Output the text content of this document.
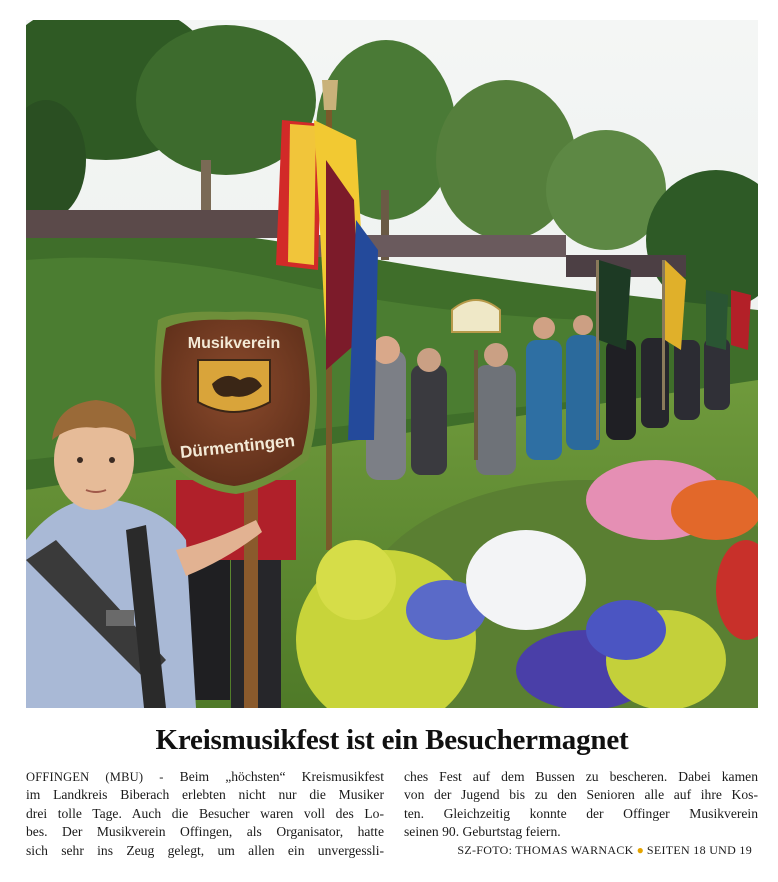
Musikverein
Dürmentingen
Kreismusikfest ist ein Besuchermagnet
OFFINGEN (MBU) - Beim „höchsten“ Kreismusikfest
im Landkreis Biberach erlebten nicht nur die Musiker
drei tolle Tage. Auch die Besucher waren voll des Lo-
bes. Der Musikverein Offingen, als Organisator, hatte
sich sehr ins Zeug gelegt, um allen ein unvergessli-
ches Fest auf dem Bussen zu bescheren. Dabei kamen
von der Jugend bis zu den Senioren alle auf ihre Kos-
ten. Gleichzeitig konnte der Offinger Musikverein
seinen 90. Geburtstag feiern.
SZ-FOTO: THOMAS WARNACK ● SEITEN 18 UND 19
